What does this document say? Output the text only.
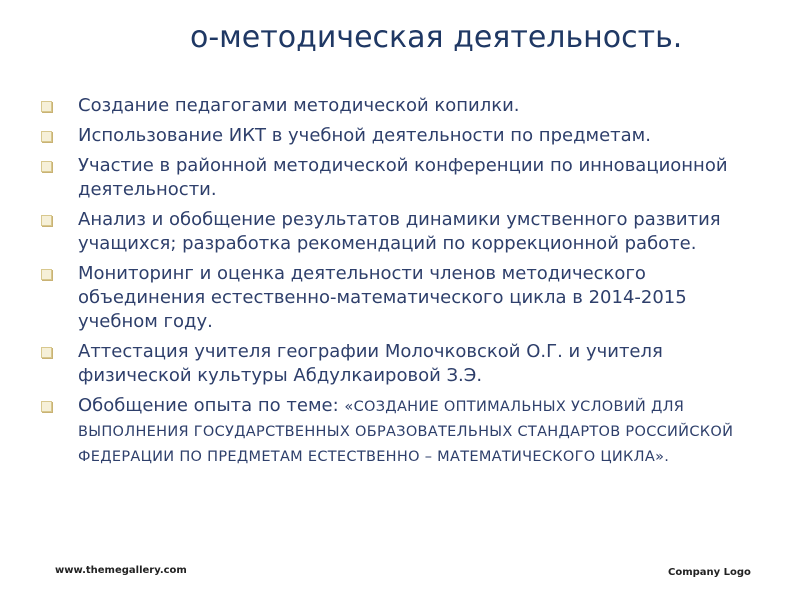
о-методическая деятельность.
Создание педагогами методической копилки.
Использование ИКТ в учебной деятельности по предметам.
Участие в районной методической конференции по инновационной деятельности.
Анализ и обобщение результатов динамики умственного развития учащихся; разработка рекомендаций по коррекционной работе.
Мониторинг и оценка деятельности членов методического объединения естественно-математического цикла в 2014-2015 учебном году.
Аттестация учителя географии Молочковской О.Г. и учителя физической культуры Абдулкаировой З.Э.
Обобщение опыта по теме: «СОЗДАНИЕ ОПТИМАЛЬНЫХ УСЛОВИЙ ДЛЯ ВЫПОЛНЕНИЯ ГОСУДАРСТВЕННЫХ ОБРАЗОВАТЕЛЬНЫХ СТАНДАРТОВ РОССИЙСКОЙ ФЕДЕРАЦИИ ПО ПРЕДМЕТАМ ЕСТЕСТВЕННО – МАТЕМАТИЧЕСКОГО ЦИКЛА».
www.themegallery.com	Company Logo
